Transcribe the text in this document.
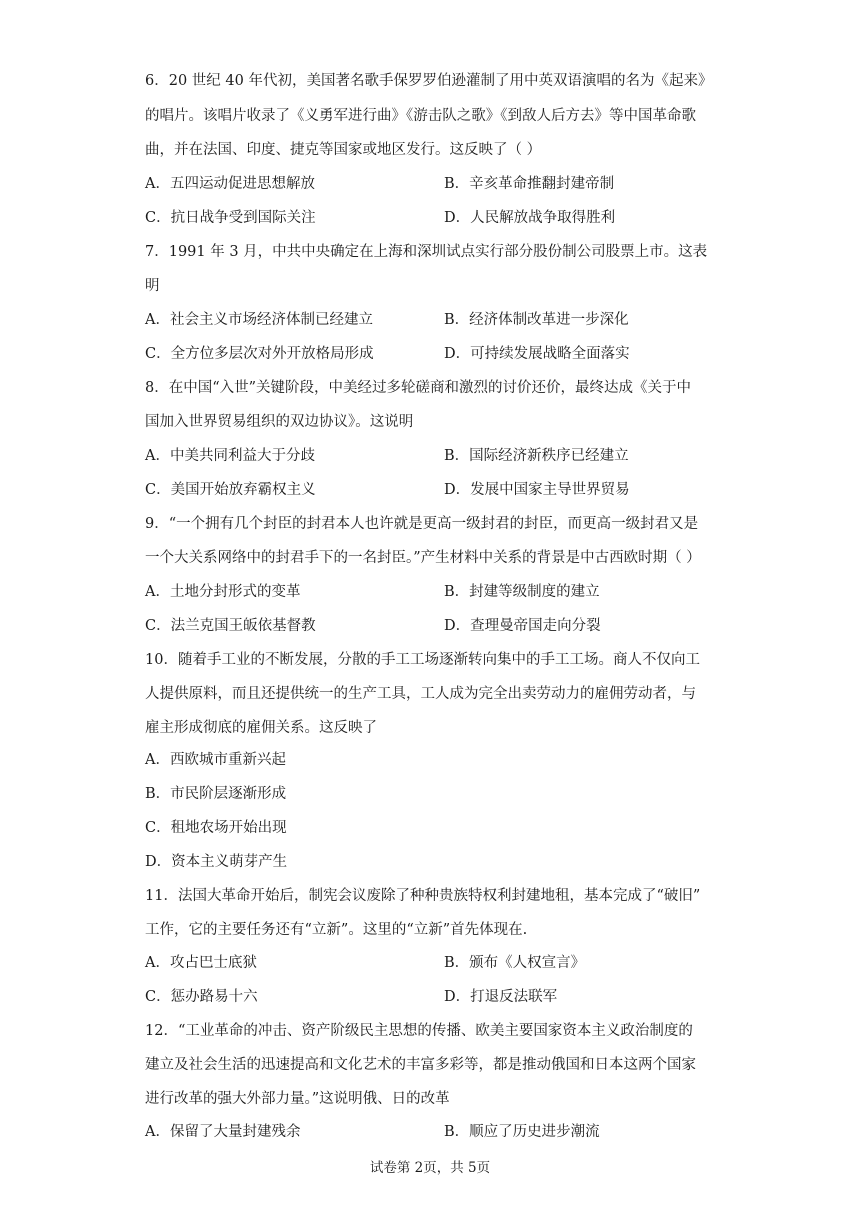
6．20 世纪 40 年代初，美国著名歌手保罗罗伯逊灌制了用中英双语演唱的名为《起来》
的唱片。该唱片收录了《义勇军进行曲》《游击队之歌》《到敌人后方去》等中国革命歌
曲，并在法国、印度、捷克等国家或地区发行。这反映了（ ）
A．五四运动促进思想解放	B．辛亥革命推翻封建帝制
C．抗日战争受到国际关注	D．人民解放战争取得胜利
7．1991 年 3 月，中共中央确定在上海和深圳试点实行部分股份制公司股票上市。这表
明
A．社会主义市场经济体制已经建立	B．经济体制改革进一步深化
C．全方位多层次对外开放格局形成	D．可持续发展战略全面落实
8．在中国“入世”关键阶段，中美经过多轮磋商和激烈的讨价还价，最终达成《关于中
国加入世界贸易组织的双边协议》。这说明
A．中美共同利益大于分歧	B．国际经济新秩序已经建立
C．美国开始放弃霸权主义	D．发展中国家主导世界贸易
9．“一个拥有几个封臣的封君本人也许就是更高一级封君的封臣，而更高一级封君又是
一个大关系网络中的封君手下的一名封臣。”产生材料中关系的背景是中古西欧时期（ ）
A．土地分封形式的变革	B．封建等级制度的建立
C．法兰克国王皈依基督教	D．查理曼帝国走向分裂
10．随着手工业的不断发展，分散的手工工场逐渐转向集中的手工工场。商人不仅向工
人提供原料，而且还提供统一的生产工具，工人成为完全出卖劳动力的雇佣劳动者，与
雇主形成彻底的雇佣关系。这反映了
A．西欧城市重新兴起
B．市民阶层逐渐形成
C．租地农场开始出现
D．资本主义萌芽产生
11．法国大革命开始后，制宪会议废除了种种贵族特权利封建地租，基本完成了“破旧”
工作，它的主要任务还有“立新”。这里的“立新”首先体现在.
A．攻占巴士底狱	B．颁布《人权宣言》
C．惩办路易十六	D．打退反法联军
12．“工业革命的冲击、资产阶级民主思想的传播、欧美主要国家资本主义政治制度的
建立及社会生活的迅速提高和文化艺术的丰富多彩等，都是推动俄国和日本这两个国家
进行改革的强大外部力量。”这说明俄、日的改革
A．保留了大量封建残余	B．顺应了历史进步潮流
试卷第 2页，共 5页
